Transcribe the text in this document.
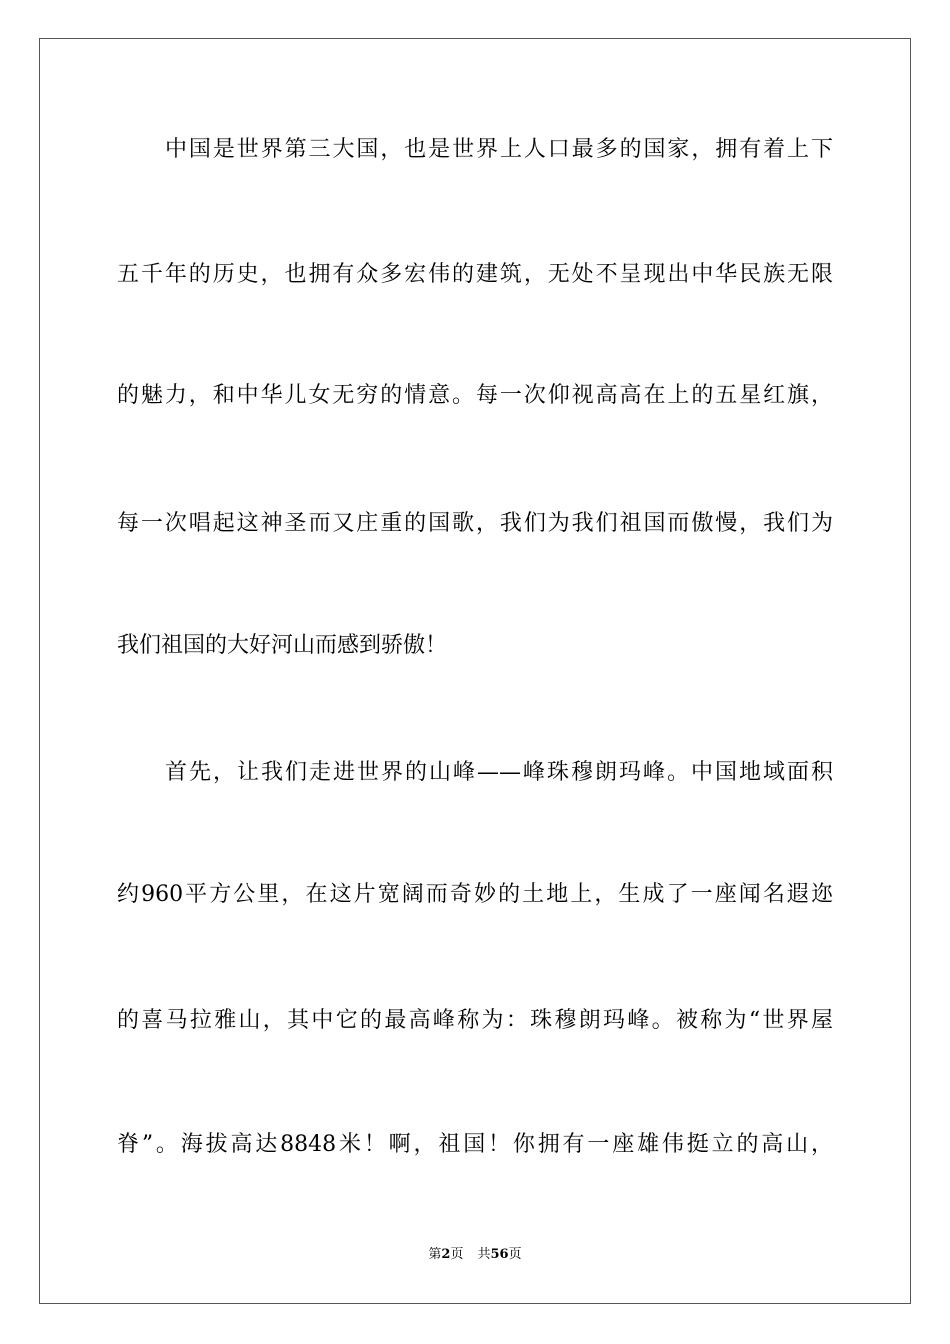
中国是世界第三大国，也是世界上人口最多的国家，拥有着上下
五千年的历史，也拥有众多宏伟的建筑，无处不呈现出中华民族无限
的魅力，和中华儿女无穷的情意。每一次仰视高高在上的五星红旗，
每一次唱起这神圣而又庄重的国歌，我们为我们祖国而傲慢，我们为
我们祖国的大好河山而感到骄傲！
首先，让我们走进世界的山峰——峰珠穆朗玛峰。中国地域面积
约960平方公里，在这片宽阔而奇妙的土地上，生成了一座闻名遐迩
的喜马拉雅山，其中它的最高峰称为：珠穆朗玛峰。被称为“世界屋
脊”。海拔高达8848米！啊，祖国！你拥有一座雄伟挺立的高山，
第2页 共56页
